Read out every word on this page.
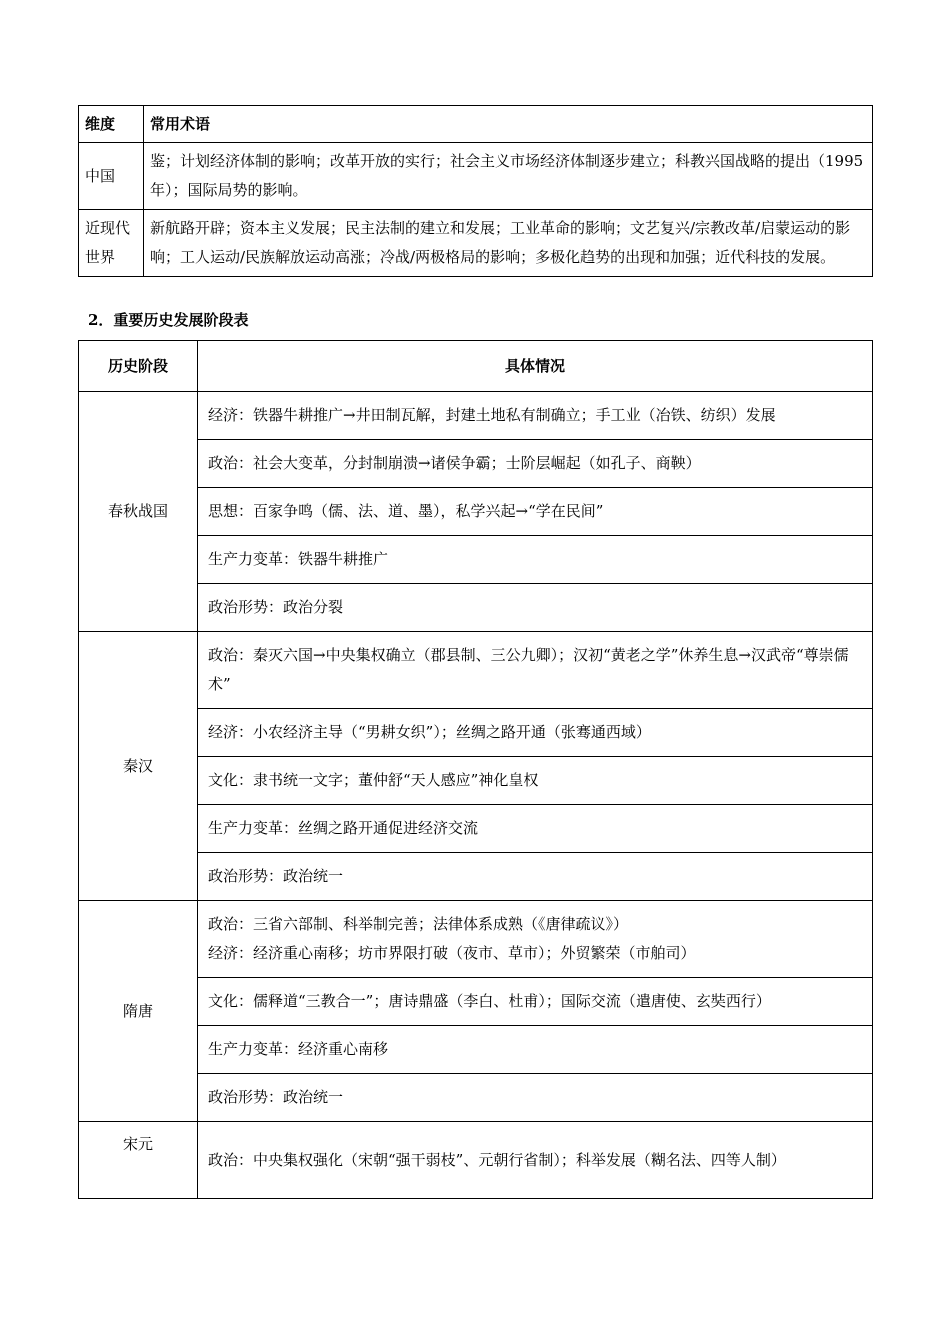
维度	常用术语
中国	鉴；计划经济体制的影响；改革开放的实行；社会主义市场经济体制逐步建立；科教兴国战略的提出（1995年）；国际局势的影响。
近现代世界	新航路开辟；资本主义发展；民主法制的建立和发展；工业革命的影响；文艺复兴/宗教改革/启蒙运动的影响；工人运动/民族解放运动高涨；冷战/两极格局的影响；多极化趋势的出现和加强；近代科技的发展。
2．重要历史发展阶段表
历史阶段	具体情况
春秋战国	经济：铁器牛耕推广→井田制瓦解，封建土地私有制确立；手工业（冶铁、纺织）发展
	政治：社会大变革，分封制崩溃→诸侯争霸；士阶层崛起（如孔子、商鞅）
	思想：百家争鸣（儒、法、道、墨），私学兴起→“学在民间”
	生产力变革：铁器牛耕推广
	政治形势：政治分裂
秦汉	政治：秦灭六国→中央集权确立（郡县制、三公九卿）；汉初“黄老之学”休养生息→汉武帝“尊崇儒术”
	经济：小农经济主导（“男耕女织”）；丝绸之路开通（张骞通西域）
	文化：隶书统一文字；董仲舒“天人感应”神化皇权
	生产力变革：丝绸之路开通促进经济交流
	政治形势：政治统一
隋唐	政治：三省六部制、科举制完善；法律体系成熟（《唐律疏议》）
经济：经济重心南移；坊市界限打破（夜市、草市）；外贸繁荣（市舶司）

	文化：儒释道“三教合一”；唐诗鼎盛（李白、杜甫）；国际交流（遣唐使、玄奘西行）
	生产力变革：经济重心南移
	政治形势：政治统一
宋元	政治：中央集权强化（宋朝“强干弱枝”、元朝行省制）；科举发展（糊名法、四等人制）
